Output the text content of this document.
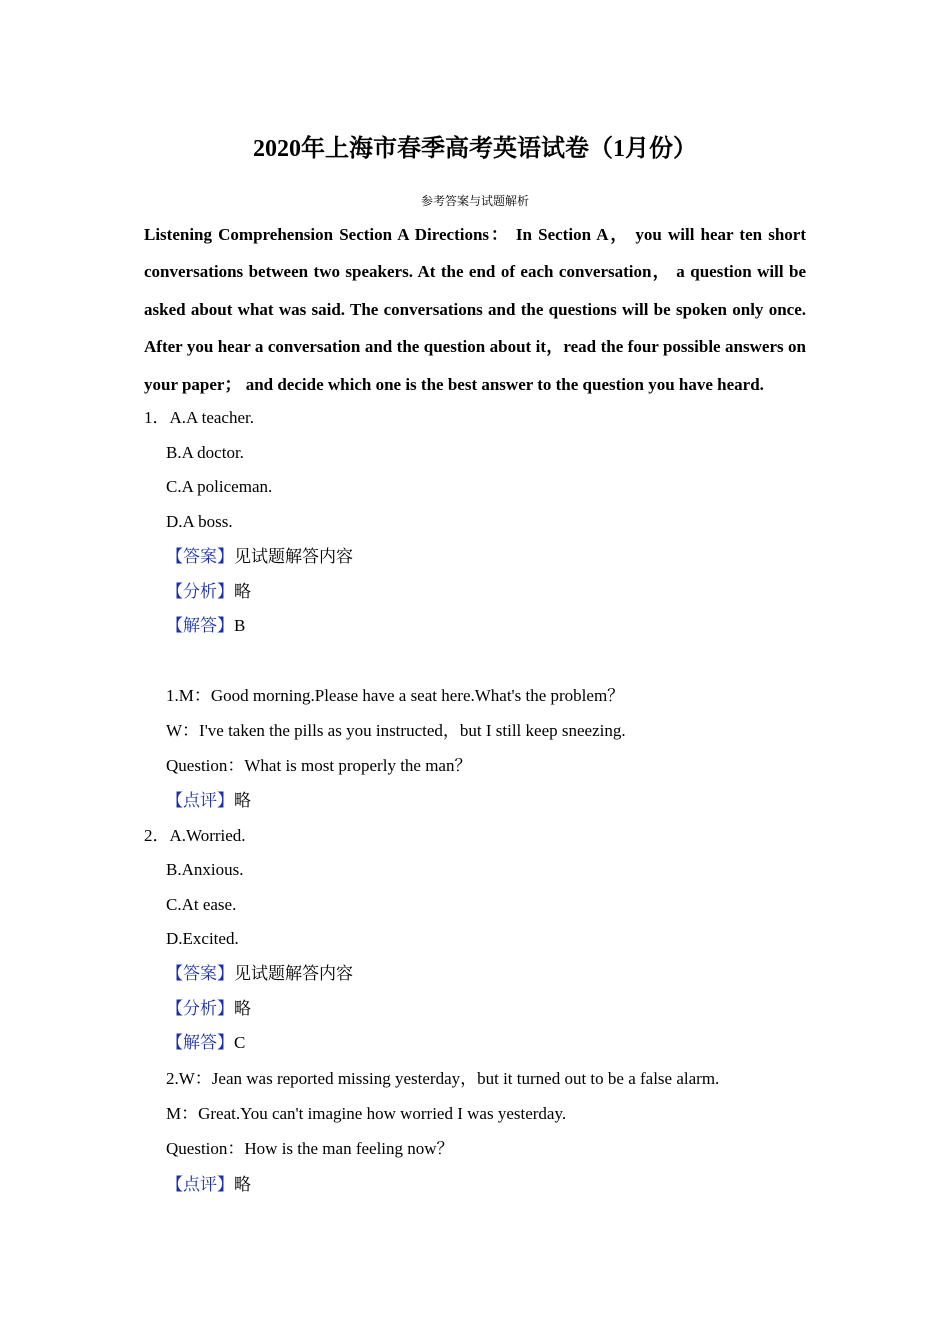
2020年上海市春季高考英语试卷（1月份）
参考答案与试题解析

Listening Comprehension Section A Directions： In Section A， you will hear ten short conversations between two speakers. At the end of each conversation， a question will be asked about what was said. The conversations and the questions will be spoken only once. After you hear a conversation and the question about it，read the four possible answers on your paper； and decide which one is the best answer to the question you have heard.

1．A.A teacher.
B.A doctor.
C.A policeman.
D.A boss.
【答案】见试题解答内容
【分析】略
【解答】B
1.M：Good morning.Please have a seat here.What's the problem？
W：I've taken the pills as you instructed，but I still keep sneezing.
Question：What is most properly the man？
【点评】略
2．A.Worried.
B.Anxious.
C.At ease.
D.Excited.
【答案】见试题解答内容
【分析】略
【解答】C
2.W：Jean was reported missing yesterday，but it turned out to be a false alarm.
M：Great.You can't imagine how worried I was yesterday.
Question：How is the man feeling now？
【点评】略
